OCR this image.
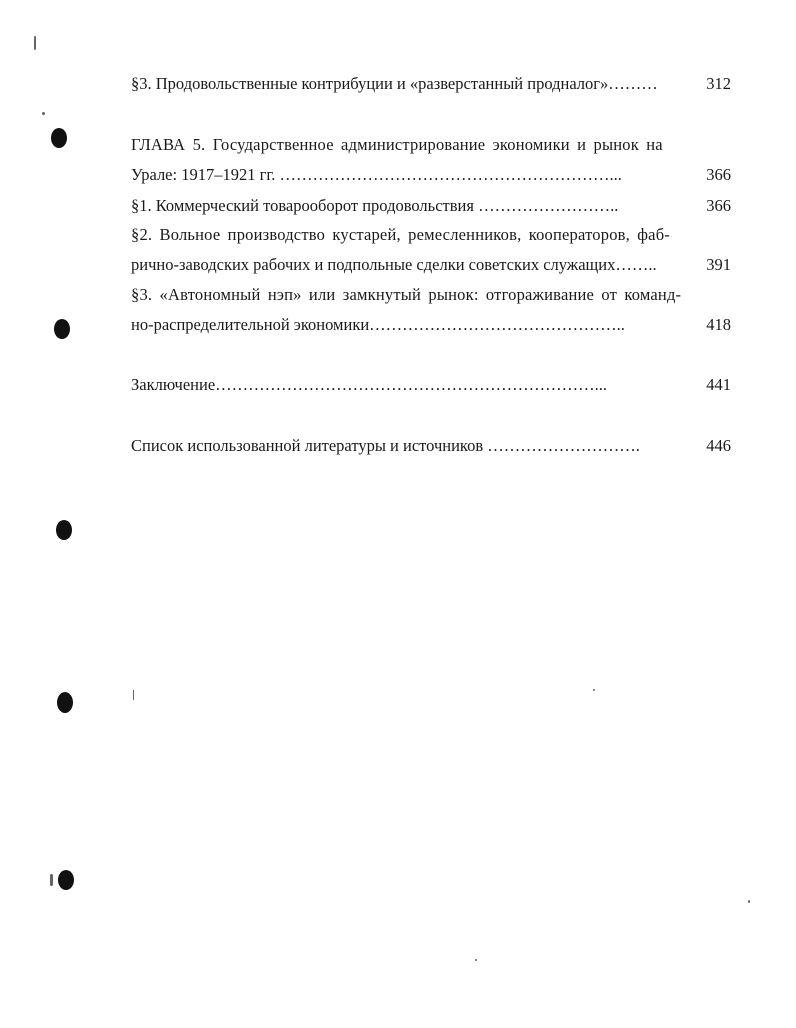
§3. Продовольственные контрибуции и «разверстанный продналог»………	312
ГЛАВА 5. Государственное администрирование экономики и рынок на
Урале: 1917–1921 гг. ……………………………………………………...	366
§1. Коммерческий товарооборот продовольствия ……………………..	366
§2. Вольное производство кустарей, ремесленников, кооператоров, фаб-
рично-заводских рабочих и подпольные сделки советских служащих……..	391
§3. «Автономный нэп» или замкнутый рынок: отгораживание от команд-
но-распределительной экономики………………………………………..	418
Заключение……………………………………………………………...	441
Список использованной литературы и источников ……………………….	446
